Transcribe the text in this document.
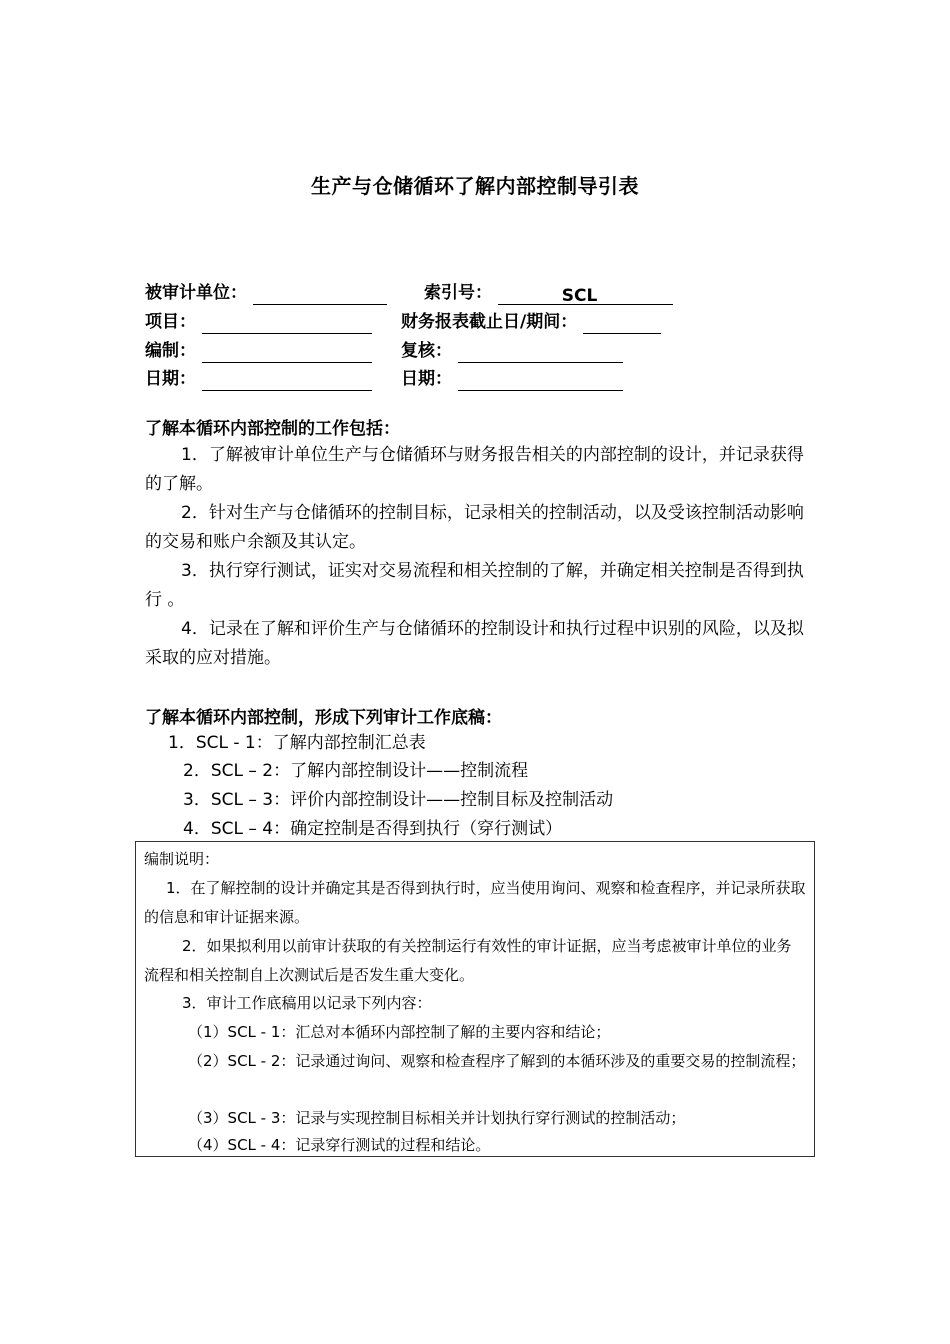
生产与仓储循环了解内部控制导引表
被审计单位：	索引号：	SCL
项目：	财务报表截止日/期间：
编制：	复核：
日期：	日期：
了解本循环内部控制的工作包括：
1．了解被审计单位生产与仓储循环与财务报告相关的内部控制的设计，并记录获得的了解。
2．针对生产与仓储循环的控制目标，记录相关的控制活动，以及受该控制活动影响的交易和账户余额及其认定。
3．执行穿行测试，证实对交易流程和相关控制的了解，并确定相关控制是否得到执行 。
4．记录在了解和评价生产与仓储循环的控制设计和执行过程中识别的风险，以及拟采取的应对措施。
了解本循环内部控制，形成下列审计工作底稿：
1．SCL - 1：了解内部控制汇总表
2．SCL – 2：了解内部控制设计——控制流程
3．SCL – 3：评价内部控制设计——控制目标及控制活动
4．SCL – 4：确定控制是否得到执行（穿行测试）
编制说明：
1．在了解控制的设计并确定其是否得到执行时，应当使用询问、观察和检查程序，并记录所获取的信息和审计证据来源。
2．如果拟利用以前审计获取的有关控制运行有效性的审计证据，应当考虑被审计单位的业务流程和相关控制自上次测试后是否发生重大变化。
3．审计工作底稿用以记录下列内容：
（1）SCL - 1：汇总对本循环内部控制了解的主要内容和结论；
（2）SCL - 2：记录通过询问、观察和检查程序了解到的本循环涉及的重要交易的控制流程；
（3）SCL - 3：记录与实现控制目标相关并计划执行穿行测试的控制活动；
（4）SCL - 4：记录穿行测试的过程和结论。
